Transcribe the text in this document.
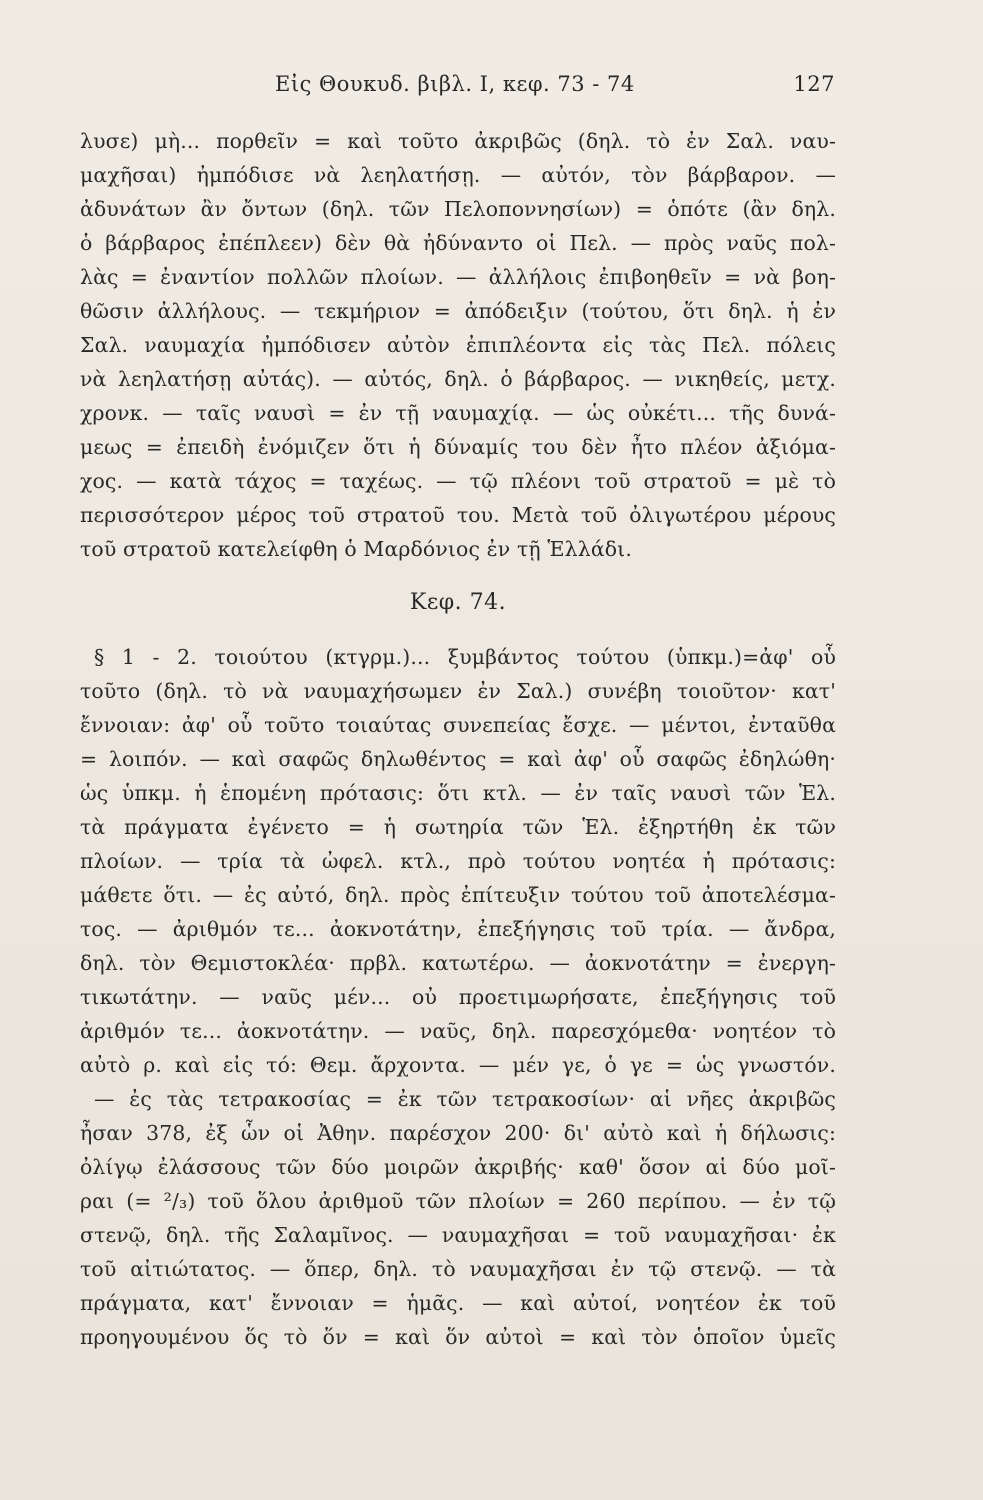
Εἰς Θουκυδ. βιβλ. Ι, κεφ. 73 - 74	127
λυσε) μὴ... πορθεῖν = καὶ τοῦτο ἀκριβῶς (δηλ. τὸ ἐν Σαλ. ναυ-
μαχῆσαι) ἠμπόδισε νὰ λεηλατήσῃ. — αὐτόν, τὸν βάρβαρον. —
ἀδυνάτων ἂν ὄντων (δηλ. τῶν Πελοποννησίων) = ὁπότε (ἂν δηλ.
ὁ βάρβαρος ἐπέπλεεν) δὲν θὰ ἠδύναντο οἱ Πελ. — πρὸς ναῦς πολ-
λὰς = ἐναντίον πολλῶν πλοίων. — ἀλλήλοις ἐπιβοηθεῖν = νὰ βοη-
θῶσιν ἀλλήλους. — τεκμήριον = ἀπόδειξιν (τούτου, ὅτι δηλ. ἡ ἐν
Σαλ. ναυμαχία ἠμπόδισεν αὐτὸν ἐπιπλέοντα εἰς τὰς Πελ. πόλεις
νὰ λεηλατήσῃ αὐτάς). — αὐτός, δηλ. ὁ βάρβαρος. — νικηθείς, μετχ.
χρονκ. — ταῖς ναυσὶ = ἐν τῇ ναυμαχίᾳ. — ὡς οὐκέτι... τῆς δυνά-
μεως = ἐπειδὴ ἐνόμιζεν ὅτι ἡ δύναμίς του δὲν ἦτο πλέον ἀξιόμα-
χος. — κατὰ τάχος = ταχέως. — τῷ πλέονι τοῦ στρατοῦ = μὲ τὸ
περισσότερον μέρος τοῦ στρατοῦ του. Μετὰ τοῦ ὀλιγωτέρου μέρους
τοῦ στρατοῦ κατελείφθη ὁ Μαρδόνιος ἐν τῇ Ἑλλάδι.
Κεφ. 74.
§ 1 - 2. τοιούτου (κτγρμ.)... ξυμβάντος τούτου (ὑπκμ.)=ἀφ' οὗ
τοῦτο (δηλ. τὸ νὰ ναυμαχήσωμεν ἐν Σαλ.) συνέβη τοιοῦτον· κατ'
ἔννοιαν: ἀφ' οὗ τοῦτο τοιαύτας συνεπείας ἔσχε. — μέντοι, ἐνταῦθα
= λοιπόν. — καὶ σαφῶς δηλωθέντος = καὶ ἀφ' οὗ σαφῶς ἐδηλώθη·
ὡς ὑπκμ. ἡ ἑπομένη πρότασις: ὅτι κτλ. — ἐν ταῖς ναυσὶ τῶν Ἑλ.
τὰ πράγματα ἐγένετο = ἡ σωτηρία τῶν Ἑλ. ἐξηρτήθη ἐκ τῶν
πλοίων. — τρία τὰ ὠφελ. κτλ., πρὸ τούτου νοητέα ἡ πρότασις:
μάθετε ὅτι. — ἐς αὐτό, δηλ. πρὸς ἐπίτευξιν τούτου τοῦ ἀποτελέσμα-
τος. — ἀριθμόν τε... ἀοκνοτάτην, ἐπεξήγησις τοῦ τρία. — ἄνδρα,
δηλ. τὸν Θεμιστοκλέα· πρβλ. κατωτέρω. — ἀοκνοτάτην = ἐνεργη-
τικωτάτην. — ναῦς μέν... οὐ προετιμωρήσατε, ἐπεξήγησις τοῦ
ἀριθμόν τε... ἀοκνοτάτην. — ναῦς, δηλ. παρεσχόμεθα· νοητέον τὸ
αὐτὸ ρ. καὶ εἰς τό: Θεμ. ἄρχοντα. — μέν γε, ὁ γε = ὡς γνωστόν.
— ἐς τὰς τετρακοσίας = ἐκ τῶν τετρακοσίων· αἱ νῆες ἀκριβῶς
ἦσαν 378, ἐξ ὧν οἱ Ἀθην. παρέσχον 200· δι' αὐτὸ καὶ ἡ δήλωσις:
ὀλίγῳ ἐλάσσους τῶν δύο μοιρῶν ἀκριβής· καθ' ὅσον αἱ δύο μοῖ-
ραι (= ²/₃) τοῦ ὅλου ἀριθμοῦ τῶν πλοίων = 260 περίπου. — ἐν τῷ
στενῷ, δηλ. τῆς Σαλαμῖνος. — ναυμαχῆσαι = τοῦ ναυμαχῆσαι· ἐκ
τοῦ αἰτιώτατος. — ὅπερ, δηλ. τὸ ναυμαχῆσαι ἐν τῷ στενῷ. — τὰ
πράγματα, κατ' ἔννοιαν = ἡμᾶς. — καὶ αὐτοί, νοητέον ἐκ τοῦ
προηγουμένου ὅς τὸ ὅν = καὶ ὅν αὐτοὶ = καὶ τὸν ὁποῖον ὑμεῖς
